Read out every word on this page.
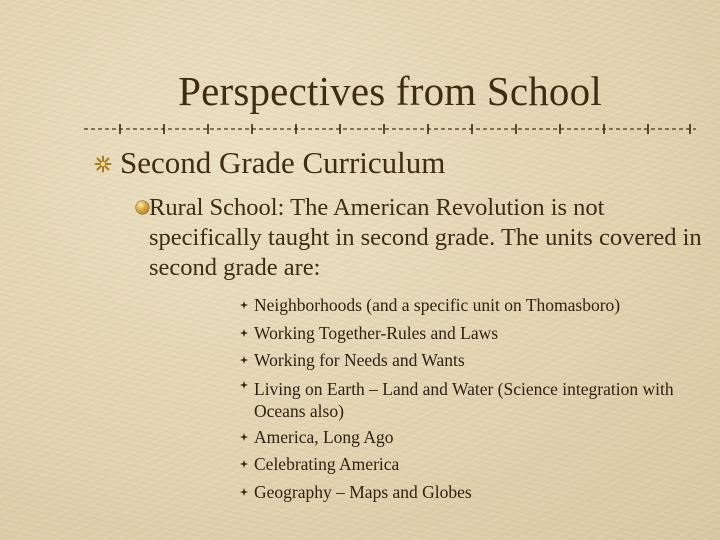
Perspectives from School
Second Grade Curriculum
Rural School: The American Revolution is not specifically taught in second grade. The units covered in second grade are:
Neighborhoods (and a specific unit on Thomasboro)
Working Together-Rules and Laws
Working for Needs and Wants
Living on Earth – Land and Water (Science integration with Oceans also)
America, Long Ago
Celebrating America
Geography – Maps and Globes
